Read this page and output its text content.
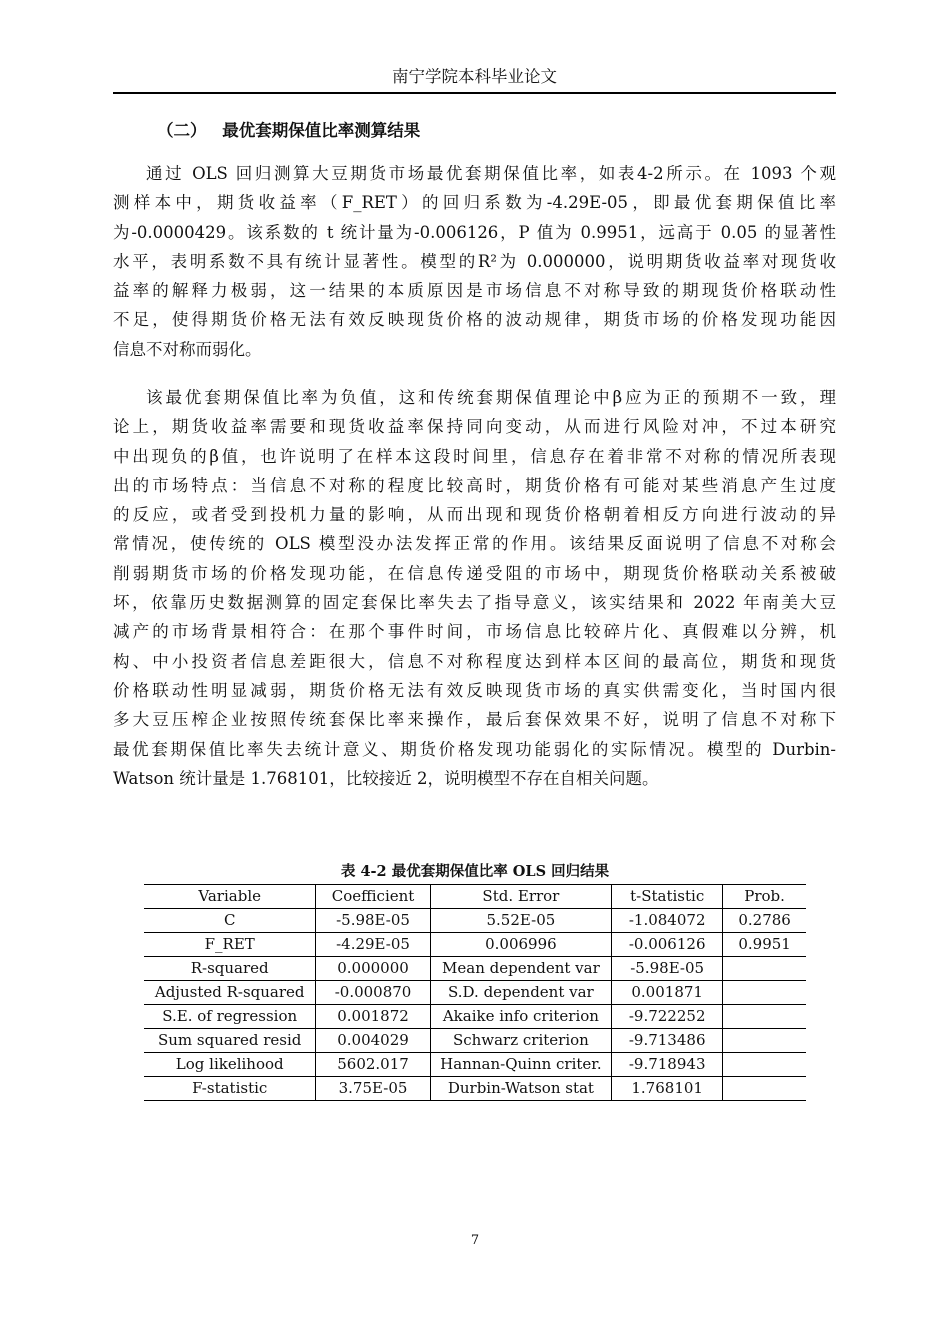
南宁学院本科毕业论文
（二） 最优套期保值比率测算结果
通过 OLS 回归测算大豆期货市场最优套期保值比率，如表4-2所示。在 1093 个观
测样本中，期货收益率（F_RET）的回归系数为-4.29E-05，即最优套期保值比率
为-0.0000429。该系数的 t 统计量为-0.006126，P 值为 0.9951，远高于 0.05 的显著性
水平，表明系数不具有统计显著性。模型的R²为 0.000000，说明期货收益率对现货收
益率的解释力极弱，这一结果的本质原因是市场信息不对称导致的期现货价格联动性
不足，使得期货价格无法有效反映现货价格的波动规律，期货市场的价格发现功能因
信息不对称而弱化。
该最优套期保值比率为负值，这和传统套期保值理论中β应为正的预期不一致，理
论上，期货收益率需要和现货收益率保持同向变动，从而进行风险对冲，不过本研究
中出现负的β值，也许说明了在样本这段时间里，信息存在着非常不对称的情况所表现
出的市场特点：当信息不对称的程度比较高时，期货价格有可能对某些消息产生过度
的反应，或者受到投机力量的影响，从而出现和现货价格朝着相反方向进行波动的异
常情况，使传统的 OLS 模型没办法发挥正常的作用。该结果反面说明了信息不对称会
削弱期货市场的价格发现功能，在信息传递受阻的市场中，期现货价格联动关系被破
坏，依靠历史数据测算的固定套保比率失去了指导意义，该实结果和 2022 年南美大豆
减产的市场背景相符合：在那个事件时间，市场信息比较碎片化、真假难以分辨，机
构、中小投资者信息差距很大，信息不对称程度达到样本区间的最高位，期货和现货
价格联动性明显减弱，期货价格无法有效反映现货市场的真实供需变化，当时国内很
多大豆压榨企业按照传统套保比率来操作，最后套保效果不好，说明了信息不对称下
最优套期保值比率失去统计意义、期货价格发现功能弱化的实际情况。模型的 Durbin-
Watson 统计量是 1.768101，比较接近 2，说明模型不存在自相关问题。
表 4-2 最优套期保值比率 OLS 回归结果
Variable	Coefficient	Std. Error	t-Statistic	Prob.
C	-5.98E-05	5.52E-05	-1.084072	0.2786
F_RET	-4.29E-05	0.006996	-0.006126	0.9951
R-squared	0.000000	Mean dependent var	-5.98E-05	
Adjusted R-squared	-0.000870	S.D. dependent var	0.001871	
S.E. of regression	0.001872	Akaike info criterion	-9.722252	
Sum squared resid	0.004029	Schwarz criterion	-9.713486	
Log likelihood	5602.017	Hannan-Quinn criter.	-9.718943	
F-statistic	3.75E-05	Durbin-Watson stat	1.768101	
7
